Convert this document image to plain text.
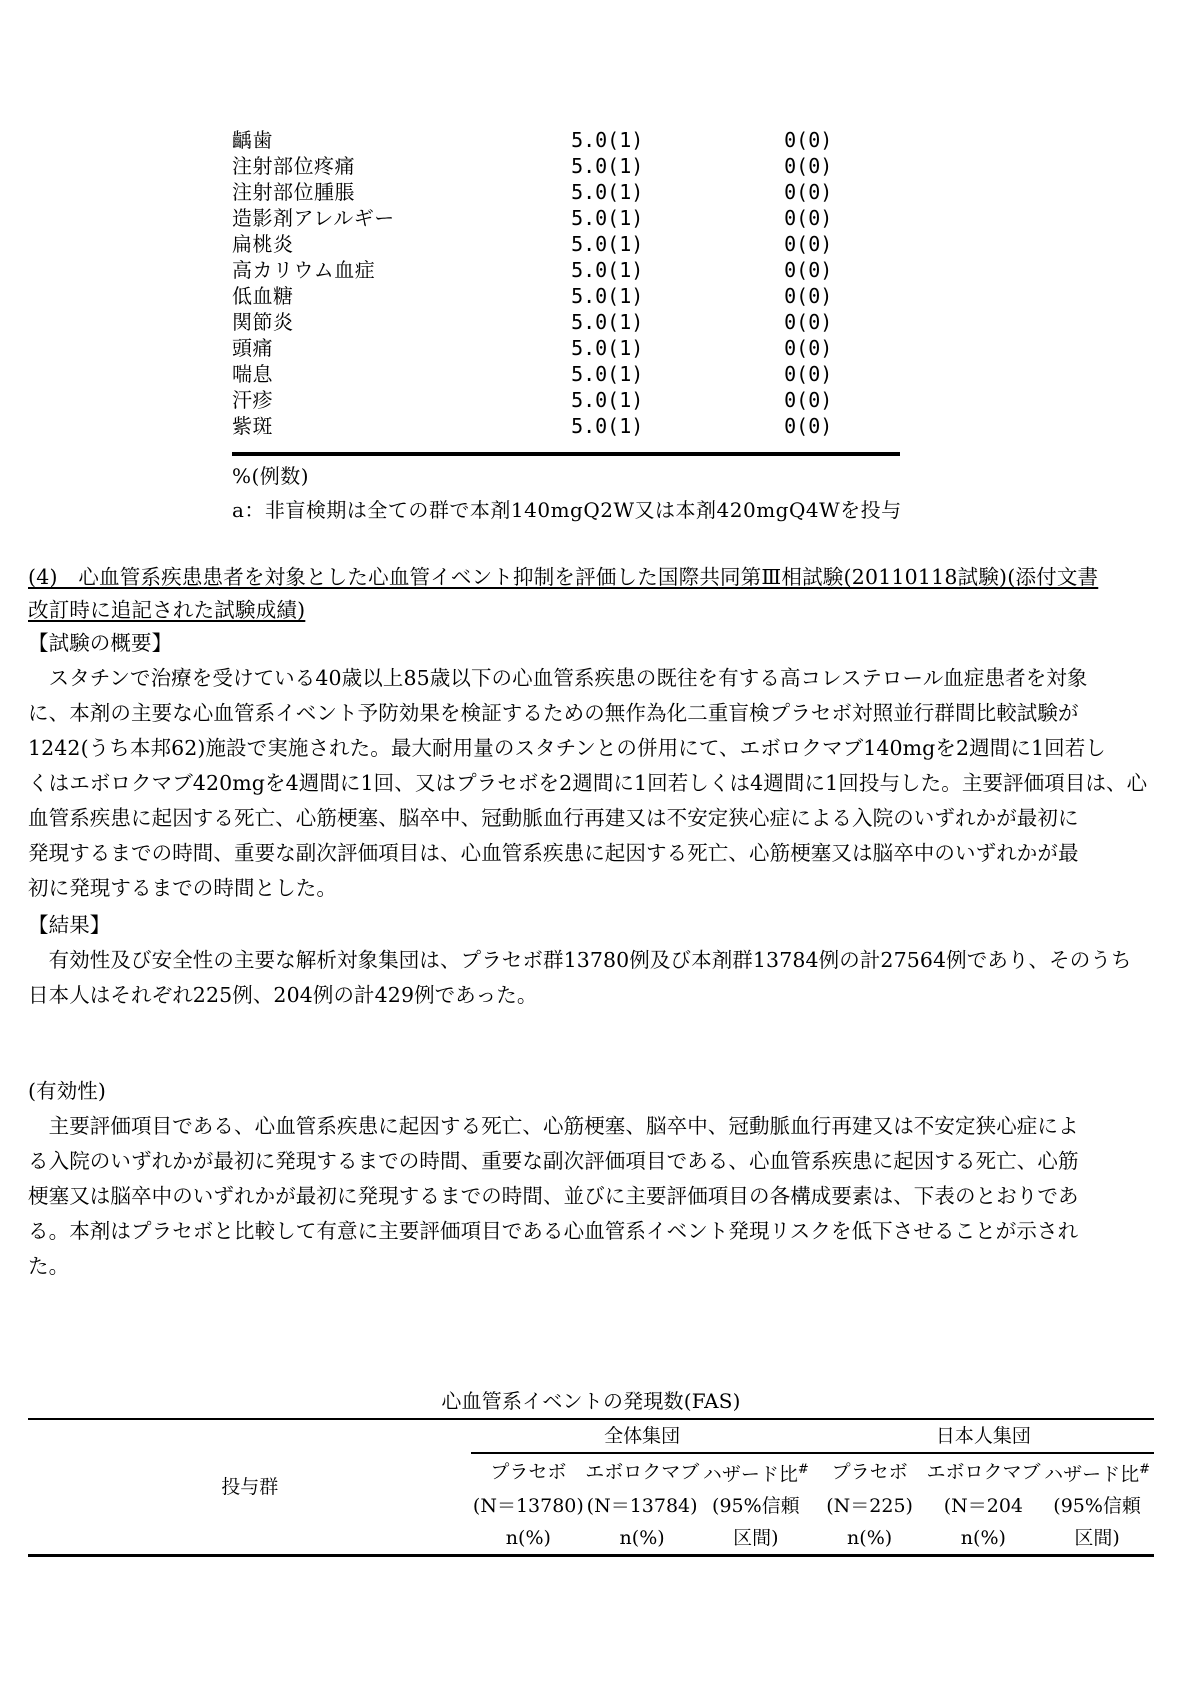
齲歯	5.0(1)	0(0)
注射部位疼痛	5.0(1)	0(0)
注射部位腫脹	5.0(1)	0(0)
造影剤アレルギー	5.0(1)	0(0)
扁桃炎	5.0(1)	0(0)
高カリウム血症	5.0(1)	0(0)
低血糖	5.0(1)	0(0)
関節炎	5.0(1)	0(0)
頭痛	5.0(1)	0(0)
喘息	5.0(1)	0(0)
汗疹	5.0(1)	0(0)
紫斑	5.0(1)	0(0)
%(例数)
a：非盲検期は全ての群で本剤140mgQ2W又は本剤420mgQ4Wを投与
(4)　心血管系疾患患者を対象とした心血管イベント抑制を評価した国際共同第Ⅲ相試験(20110118試験)(添付文書
改訂時に追記された試験成績)
【試験の概要】
　スタチンで治療を受けている40歳以上85歳以下の心血管系疾患の既往を有する高コレステロール血症患者を対象
に、本剤の主要な心血管系イベント予防効果を検証するための無作為化二重盲検プラセボ対照並行群間比較試験が
1242(うち本邦62)施設で実施された。最大耐用量のスタチンとの併用にて、エボロクマブ140mgを2週間に1回若し
くはエボロクマブ420mgを4週間に1回、又はプラセボを2週間に1回若しくは4週間に1回投与した。主要評価項目は、心
血管系疾患に起因する死亡、心筋梗塞、脳卒中、冠動脈血行再建又は不安定狭心症による入院のいずれかが最初に
発現するまでの時間、重要な副次評価項目は、心血管系疾患に起因する死亡、心筋梗塞又は脳卒中のいずれかが最
初に発現するまでの時間とした。
【結果】
　有効性及び安全性の主要な解析対象集団は、プラセボ群13780例及び本剤群13784例の計27564例であり、そのうち
日本人はそれぞれ225例、204例の計429例であった。
(有効性)
　主要評価項目である、心血管系疾患に起因する死亡、心筋梗塞、脳卒中、冠動脈血行再建又は不安定狭心症によ
る入院のいずれかが最初に発現するまでの時間、重要な副次評価項目である、心血管系疾患に起因する死亡、心筋
梗塞又は脳卒中のいずれかが最初に発現するまでの時間、並びに主要評価項目の各構成要素は、下表のとおりであ
る。本剤はプラセボと比較して有意に主要評価項目である心血管系イベント発現リスクを低下させることが示され
た。
心血管系イベントの発現数(FAS)
投与群	全体集団			日本人集団		
	プラセボ	エボロクマブ	ハザード比#	プラセボ	エボロクマブ	ハザード比#
	(N＝13780)	(N＝13784)	(95%信頼	(N＝225)	(N＝204	(95%信頼
	n(%)	n(%)	区間)	n(%)	n(%)	区間)
